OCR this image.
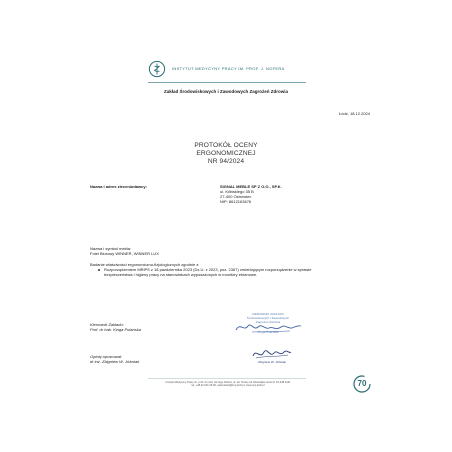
INSTYTUT MEDYCYNY PRACY IM. PROF. J. NOFERA
Zakład Środowiskowych i Zawodowych Zagrożeń Zdrowia
Łódź, 18.12.2024
PROTOKÓŁ OCENY
ERGONOMICZNEJ
NR 94/2024
Nazwa i adres zleceniodawcy:	SIGNAL MEBLE SP Z O.O., SP.K.
ul. Kilińskiego 35 B
27-400 Ostrowiec
NIP: 8612163676
Nazwa i symbol mebla:
Fotel Biurowy WINNER, WINNER LUX
Badanie właściwości ergonomiczno-fizjologicznych zgodnie z:
Rozporządzeniem MRiPS z 18 października 2023 (Dz.U. z 2023, poz. 2367) zmieniającym rozporządzenie w sprawie bezpieczeństwa i higieny pracy na stanowiskach wyposażonych w monitory ekranowe.
Kierownik Zakładu:
Prof. dr hab. Kinga Polańska
KIEROWNIK ZAKŁADU
Środowiskowych i Zawodowych
Zagrożeń Zdrowia
Kinga Polańska
Opinię opracował:
dr inż. Zbigniew W. Jóźwiak	Zbigniew W. Jóźwiak
Instytut Medycyny Pracy im. prof. dr med. Jerzego Nofera, ul. św. Teresy od Dzieciątka Jezus 8, 91-348 Łódź
tel. +48 42 631 45 00, sekretariat@imp.lodz.pl, www.imp.lodz.pl	70
